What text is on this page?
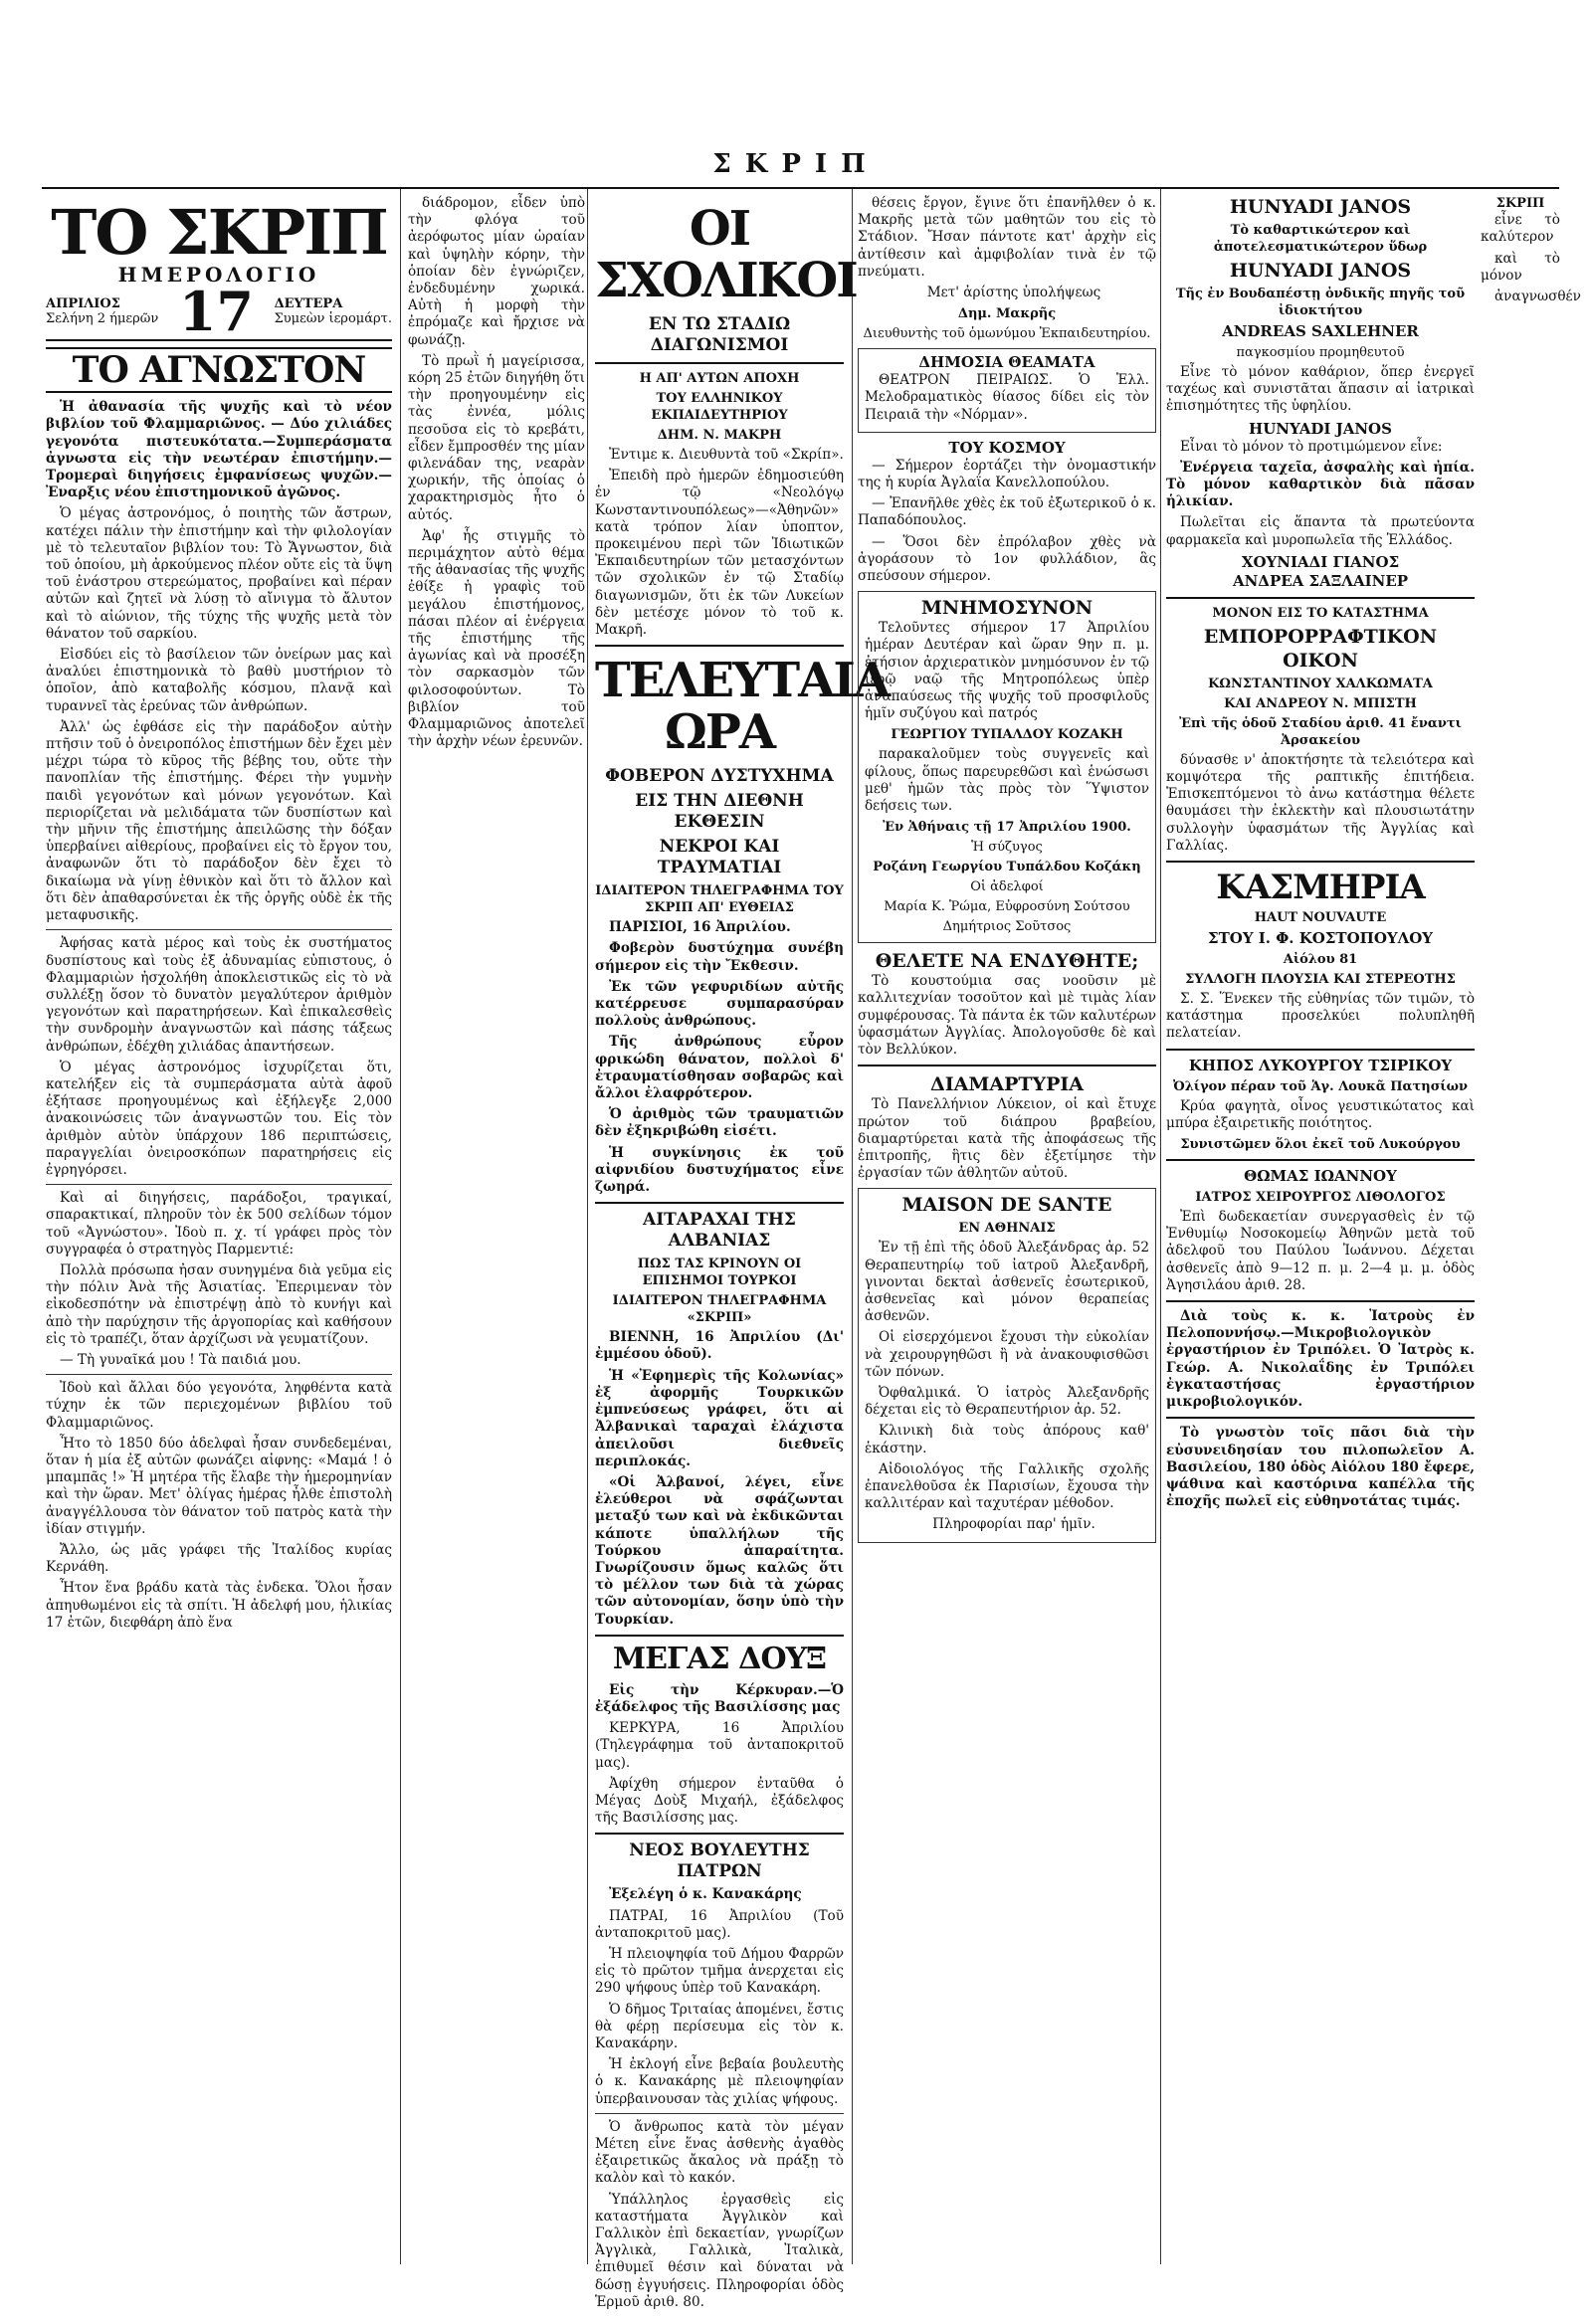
ΣΚΡΙΠ
ΤΟ ΣΚΡΙΠ
ΗΜΕΡΟΛΟΓΙΟ
ΑΠΡΙΛΙΟΣ
Σελήνη 2 ήμερῶν 17 ΔΕΥΤΕΡΑ
Συμεὼν ἱερομάρτ.
ΤΟ ΑΓΝΩΣΤΟΝ

Ἡ ἀθανασία τῆς ψυχῆς καὶ τὸ νέον βιβλίον τοῦ Φλαμμαριῶνος. — Δύο χιλιάδες γεγονότα πιστευκότατα.—Συμπεράσματα ἀγνωστα εἰς τὴν νεωτέραν ἐπιστήμην.—Τρομεραὶ διηγήσεις ἐμφανίσεως ψυχῶν.—Ἐναρξις νέου ἐπιστημονικοῦ ἀγῶνος.

Ὁ μέγας ἀστρονόμος, ὁ ποιητὴς τῶν ἄστρων, κατέχει πάλιν τὴν ἐπιστήμην καὶ τὴν φιλολογίαν μὲ τὸ τελευταῖον βιβλίον του: Τὸ Ἄγνωστον, διὰ τοῦ ὁποίου, μὴ ἀρκούμενος πλέον οὔτε εἰς τὰ ὕψη τοῦ ἐνάστρου στερεώματος, προβαίνει καὶ πέραν αὐτῶν καὶ ζητεῖ νὰ λύσῃ τὸ αἴνιγμα τὸ ἄλυτον καὶ τὸ αἰώνιον, τῆς τύχης τῆς ψυχῆς μετὰ τὸν θάνατον τοῦ σαρκίου.

Εἰσδύει εἰς τὸ βασίλειον τῶν ὀνείρων μας καὶ ἀναλύει ἐπιστημονικὰ τὸ βαθὺ μυστήριον τὸ ὁποῖον, ἀπὸ καταβολῆς κόσμου, πλανᾷ καὶ τυραννεῖ τὰς ἐρεύνας τῶν ἀνθρώπων.

Ἀλλ' ὡς ἐφθάσε εἰς τὴν παράδοξον αὐτὴν πτῆσιν τοῦ ὁ ὀνειροπόλος ἐπιστήμων δὲν ἔχει μὲν μέχρι τώρα τὸ κῦρος τῆς βέβης του, οὔτε τὴν πανοπλίαν τῆς ἐπιστήμης. Φέρει τὴν γυμνὴν παιδὶ γεγονότων καὶ μόνων γεγονότων. Καὶ περιορίζεται νὰ μελιδάματα τῶν δυσπίστων καὶ τὴν μῆνιν τῆς ἐπιστήμης ἀπειλῶσης τὴν δόξαν ὑπερβαίνει αἰθερίους, προβαίνει εἰς τὸ ἔργον του, ἀναφωνῶν ὅτι τὸ παράδοξον δὲν ἔχει τὸ δικαίωμα νὰ γίνῃ ἐθνικὸν καὶ ὅτι τὸ ἄλλον καὶ ὅτι δὲν ἀπαθαρσύνεται ἐκ τῆς ὀργῆς οὐδὲ ἐκ τῆς μεταφυσικῆς.

Ἀφήσας κατὰ μέρος καὶ τοὺς ἐκ συστήματος δυσπίστους καὶ τοὺς ἐξ ἀδυναμίας εὐπιστους, ὁ Φλαμμαριὼν ἠσχολήθη ἀποκλειστικῶς εἰς τὸ νὰ συλλέξῃ ὅσον τὸ δυνατὸν μεγαλύτερον ἀριθμὸν γεγονότων καὶ παρατηρήσεων. Καὶ ἐπικαλεσθεὶς τὴν συνδρομὴν ἀναγνωστῶν καὶ πάσης τάξεως ἀνθρώπων, ἐδέχθη χιλιάδας ἀπαντήσεων.

Ὁ μέγας ἀστρονόμος ἰσχυρίζεται ὅτι, κατελήξεν εἰς τὰ συμπεράσματα αὐτὰ ἀφοῦ ἐξήτασε προηγουμένως καὶ ἐξήλεγξε 2,000 ἀνακοινώσεις τῶν ἀναγνωστῶν του. Εἰς τὸν ἀριθμὸν αὐτὸν ὑπάρχουν 186 περιπτώσεις, παραγγελίαι ὀνειροσκόπων παρατηρήσεις εἰς ἐγρηγόρσει.

Καὶ αἱ διηγήσεις, παράδοξοι, τραγικαί, σπαρακτικαί, πληροῦν τὸν ἐκ 500 σελίδων τόμον τοῦ «Ἀγνώστου». Ἰδοὺ π. χ. τί γράφει πρὸς τὸν συγγραφέα ὁ στρατηγὸς Παρμεντιέ:

Πολλὰ πρόσωπα ἠσαν συνηγμένα διὰ γεῦμα εἰς τὴν πόλιν Ἀνὰ τῆς Ἀσιατίας. Ἐπεριμεναν τὸν εἰκοδεσπότην νὰ ἐπιστρέψῃ ἀπὸ τὸ κυνήγι καὶ ἀπὸ τὴν παρύχησιν τῆς ἀργοπορίας καὶ καθήσουν εἰς τὸ τραπέζι, ὅταν ἀρχίζωσι νὰ γευματίζουν.

— Τὴ γυναῖκά μου ! Τὰ παιδιά μου.

Ἰδοὺ καὶ ἄλλαι δύο γεγονότα, ληφθέντα κατὰ τύχην ἐκ τῶν περιεχομένων βιβλίου τοῦ Φλαμμαριῶνος.

Ἦτο τὸ 1850 δύο ἀδελφαὶ ἦσαν συνδεδεμέναι, ὅταν ἡ μία ἐξ αὐτῶν φωνάζει αἰφνης: «Μαμά ! ὁ μπαμπᾶς !» Ἡ μητέρα τῆς ἔλαβε τὴν ἡμερομηνίαν καὶ τὴν ὥραν. Μετ' ὀλίγας ἡμέρας ἦλθε ἐπιστολὴ ἀναγγέλλουσα τὸν θάνατον τοῦ πατρὸς κατὰ τὴν ἰδίαν στιγμήν.

Ἄλλο, ὡς μᾶς γράφει τῆς Ἰταλίδος κυρίας Κερνάθη.

Ἦτον ἕνα βράδυ κατὰ τὰς ἑνδεκα. Ὅλοι ἦσαν ἀπηυθωμένοι εἰς τὰ σπίτι. Ἡ ἀδελφή μου, ἡλικίας 17 ἐτῶν, διεφθάρη ἀπὸ ἕνα

διάδρομον, εἶδεν ὑπὸ τὴν φλόγα τοῦ ἀερόφωτος μίαν ὡραίαν καὶ ὑψηλὴν κόρην, τὴν ὁποίαν δὲν ἐγνώριζεν, ἐνδεδυμένην χωρικά. Αὐτὴ ἡ μορφὴ τὴν ἐπρόμαζε καὶ ἤρχισε νὰ φωνάζῃ.

Τὸ πρωῒ ἡ μαγείρισσα, κόρη 25 ἐτῶν διηγήθη ὅτι τὴν προηγουμένην εἰς τὰς ἐννέα, μόλις πεσοῦσα εἰς τὸ κρεβάτι, εἶδεν ἔμπροσθέν της μίαν φιλενάδαν της, νεαρὰν χωρικήν, τῆς ὁποίας ὁ χαρακτηρισμὸς ἦτο ὁ αὐτός.

Ἀφ' ἧς στιγμῆς τὸ περιμάχητον αὐτὸ θέμα τῆς ἀθανασίας τῆς ψυχῆς ἐθίξε ἡ γραφὶς τοῦ μεγάλου ἐπιστήμονος, πάσαι πλέον αἱ ἐνέργεια τῆς ἐπιστήμης τῆς ἀγωνίας καὶ νὰ προσέξη τὸν σαρκασμὸν τῶν φιλοσοφούντων. Τὸ βιβλίον τοῦ Φλαμμαριῶνος ἀποτελεῖ τὴν ἀρχὴν νέων ἐρευνῶν.

ΟΙ ΣΧΟΛΙΚΟΙ
ΕΝ ΤΩ ΣΤΑΔΙΩ ΔΙΑΓΩΝΙΣΜΟΙ
Η ΑΠ' ΑΥΤΩΝ ΑΠΟΧΗ
ΤΟΥ ΕΛΛΗΝΙΚΟΥ ΕΚΠΑΙΔΕΥΤΗΡΙΟΥ
ΔΗΜ. Ν. ΜΑΚΡΗ

Ἐντιμε κ. Διευθυντὰ τοῦ «Σκρίπ».

Ἐπειδὴ πρὸ ἡμερῶν ἐδημοσιεύθη ἐν τῷ «Νεολόγῳ Κωνσταντινουπόλεως»—«Ἀθηνῶν» κατὰ τρόπον λίαν ὑποπτον, προκειμένου περὶ τῶν Ἰδιωτικῶν Ἐκπαιδευτηρίων τῶν μετασχόντων τῶν σχολικῶν ἐν τῷ Σταδίῳ διαγωνισμῶν, ὅτι ἐκ τῶν Λυκείων δὲν μετέσχε μόνον τὸ τοῦ κ. Μακρῆ.

ΤΕΛΕΥΤΑΙΑ ΩΡΑ
ΦΟΒΕΡΟΝ ΔΥΣΤΥΧΗΜΑ
ΕΙΣ ΤΗΝ ΔΙΕΘΝΗ ΕΚΘΕΣΙΝ
ΝΕΚΡΟΙ ΚΑΙ ΤΡΑΥΜΑΤΙΑΙ
ΙΔΙΑΙΤΕΡΟΝ ΤΗΛΕΓΡΑΦΗΜΑ ΤΟΥ ΣΚΡΙΠ ΑΠ' ΕΥΘΕΙΑΣ

ΠΑΡΙΣΙΟΙ, 16 Ἀπριλίου.

Φοβερὸν δυστύχημα συνέβη σήμερον εἰς τὴν Ἔκθεσιν.

Ἐκ τῶν γεφυριδίων αὐτῆς κατέρρευσε συμπαρασύραν πολλοὺς ἀνθρώπους.

Τῆς ἀνθρώπους εὗρον φρικώδη θάνατον, πολλοὶ δ' ἐτραυματίσθησαν σοβαρῶς καὶ ἄλλοι ἐλαφρότερον.

Ὁ ἀριθμὸς τῶν τραυματιῶν δὲν ἐξηκριβώθη εἰσέτι.

Ἡ συγκίνησις ἐκ τοῦ αἰφνιδίου δυστυχήματος εἶνε ζωηρά.

ΑΙΤΑΡΑΧΑΙ ΤΗΣ ΑΛΒΑΝΙΑΣ
ΠΩΣ ΤΑΣ ΚΡΙΝΟΥΝ ΟΙ ΕΠΙΣΗΜΟΙ ΤΟΥΡΚΟΙ
ΙΔΙΑΙΤΕΡΟΝ ΤΗΛΕΓΡΑΦΗΜΑ «ΣΚΡΙΠ»

ΒΙΕΝΝΗ, 16 Ἀπριλίου (Δι' ἐμμέσου ὁδοῦ).

Ἡ «Ἐφημερὶς τῆς Κολωνίας» ἐξ ἀφορμῆς Τουρκικῶν ἐμπνεύσεως γράφει, ὅτι αἱ Ἀλβανικαὶ ταραχαὶ ἐλάχιστα ἀπειλοῦσι διεθνεῖς περιπλοκάς.

«Οἱ Ἀλβανοί, λέγει, εἶνε ἐλεύθεροι νὰ σφάζωνται μεταξύ των καὶ νὰ ἐκδικῶνται κάποτε ὑπαλλήλων τῆς Τούρκου ἀπαραίτητα. Γνωρίζουσιν ὅμως καλῶς ὅτι τὸ μέλλον των διὰ τὰ χώρας τῶν αὐτονομίαν, ὅσην ὑπὸ τὴν Τουρκίαν.

ΜΕΓΑΣ ΔΟΥΞ

Εἰς τὴν Κέρκυραν.—Ὁ ἐξάδελφος τῆς Βασιλίσσης μας

ΚΕΡΚΥΡΑ, 16 Ἀπριλίου (Τηλεγράφημα τοῦ ἀνταποκριτοῦ μας).

Ἀφίχθη σήμερον ἐνταῦθα ὁ Μέγας Δοὺξ Μιχαήλ, ἐξάδελφος τῆς Βασιλίσσης μας.

ΝΕΟΣ ΒΟΥΛΕΥΤΗΣ ΠΑΤΡΩΝ

Ἐξελέγη ὁ κ. Κανακάρης

ΠΑΤΡΑΙ, 16 Ἀπριλίου (Τοῦ ἀνταποκριτοῦ μας).

Ἡ πλειοψηφία τοῦ Δήμου Φαρρῶν εἰς τὸ πρῶτον τμῆμα ἀνερχεται εἰς 290 ψήφους ὑπὲρ τοῦ Κανακάρη.

Ὁ δῆμος Τριταίας ἀπομένει, ἔστις θὰ φέρῃ περίσευμα εἰς τὸν κ. Κανακάρην.

Ἡ ἐκλογή εἶνε βεβαία βουλευτὴς ὁ κ. Κανακάρης μὲ πλειοψηφίαν ὑπερβαινουσαν τὰς χιλίας ψήφους.

Ὁ ἄνθρωπος κατὰ τὸν μέγαν Μέτεη εἶνε ἕνας ἀσθενὴς ἀγαθὸς ἐξαιρετικῶς ἄκαλος νὰ πράξῃ τὸ καλὸν καὶ τὸ κακόν.

Ὑπάλληλος ἐργασθεὶς εἰς καταστήματα Ἀγγλικὸν καὶ Γαλλικὸν ἐπὶ δεκαετίαν, γνωρίζων Ἀγγλικὰ, Γαλλικὰ, Ἰταλικὰ, ἐπιθυμεῖ θέσιν καὶ δύναται νὰ δώσῃ ἐγγυήσεις. Πληροφορίαι ὁδὸς Ἑρμοῦ ἀριθ. 80.

θέσεις ἔργον, ἔγινε ὅτι ἐπανῆλθεν ὁ κ. Μακρῆς μετὰ τῶν μαθητῶν του εἰς τὸ Στάδιον. Ἤσαν πάντοτε κατ' ἀρχὴν εἰς ἀντίθεσιν καὶ ἀμφιβολίαν τινὰ ἐν τῷ πνεύματι.

Μετ' ἀρίστης ὑπολήψεως

Δημ. Μακρῆς
Διευθυντὴς τοῦ ὁμωνύμου Ἐκπαιδευτηρίου.
ΔΗΜΟΣΙΑ ΘΕΑΜΑΤΑ

ΘΕΑΤΡΟΝ ΠΕΙΡΑΙΩΣ. Ὁ Ἑλλ. Μελοδραματικὸς θίασος δίδει εἰς τὸν Πειραιᾶ τὴν «Νόρμαν».

ΤΟΥ ΚΟΣΜΟΥ

— Σήμερον ἑορτάζει τὴν ὀνομαστικήν της ἡ κυρία Ἀγλαΐα Κανελλοπούλου.

— Ἐπανῆλθε χθὲς ἐκ τοῦ ἐξωτερικοῦ ὁ κ. Παπαδόπουλος.

— Ὅσοι δὲν ἐπρόλαβον χθὲς νὰ ἀγοράσουν τὸ 1ον φυλλάδιον, ἃς σπεύσουν σήμερον.

ΜΝΗΜΟΣΥΝΟΝ

Τελοῦντες σήμερον 17 Ἀπριλίου ἡμέραν Δευτέραν καὶ ὥραν 9ην π. μ. ἐτήσιον ἀρχιερατικὸν μνημόσυνον ἐν τῷ ἱερῷ ναῷ τῆς Μητροπόλεως ὑπὲρ ἀναπαύσεως τῆς ψυχῆς τοῦ προσφιλοῦς ἡμῖν συζύγου καὶ πατρός

ΓΕΩΡΓΙΟΥ ΤΥΠΑΛΔΟΥ ΚΟΖΑΚΗ

παρακαλοῦμεν τοὺς συγγενεῖς καὶ φίλους, ὅπως παρευρεθῶσι καὶ ἑνώσωσι μεθ' ἡμῶν τὰς πρὸς τὸν Ὕψιστον δεήσεις των.

Ἐν Ἀθήναις τῇ 17 Ἀπριλίου 1900.
Ἡ σύζυγος
Ροζάνη Γεωργίου Τυπάλδου Κοζάκη
Οἱ ἀδελφοί
Μαρία Κ. Ῥώμα, Εὐφροσύνη Σούτσου
Δημήτριος Σοῦτσος
ΘΕΛΕΤΕ ΝΑ ΕΝΔΥΘΗΤΕ;

Τὸ κουστούμια σας νοοῦσιν μὲ καλλιτεχνίαν τοσοῦτον καὶ μὲ τιμὰς λίαν συμφέρουσας. Τὰ πάντα ἐκ τῶν καλυτέρων ὑφασμάτων Ἀγγλίας. Ἀπολογοῦσθε δὲ καὶ τὸν Βελλύκον.

ΔΙΑΜΑΡΤΥΡΙΑ

Τὸ Πανελλήνιον Λύκειον, οἱ καὶ ἔτυχε πρώτον τοῦ διάπρου βραβείου, διαμαρτύρεται κατὰ τῆς ἀποφάσεως τῆς ἐπιτροπῆς, ἣτις δὲν ἐξετίμησε τὴν ἐργασίαν τῶν ἀθλητῶν αὐτοῦ.

MAISON DE SANTE
ΕΝ ΑΘΗΝΑΙΣ

Ἐν τῇ ἐπὶ τῆς ὁδοῦ Ἀλεξάνδρας ἀρ. 52 Θεραπευτηρίῳ τοῦ ἰατροῦ Ἀλεξανδρῆ, γινονται δεκταὶ ἀσθενεῖς ἐσωτερικοῦ, ἀσθενεῖας καὶ μόνον θεραπείας ἀσθενῶν.

Οἱ εἰσερχόμενοι ἔχουσι τὴν εὐκολίαν νὰ χειρουργηθῶσι ἢ νὰ ἀνακουφισθῶσι τῶν πόνων.

Ὀφθαλμικά. Ὁ ἰατρὸς Ἀλεξανδρῆς δέχεται εἰς τὸ Θεραπευτήριον ἀρ. 52.

Κλινικὴ διὰ τοὺς ἀπόρους καθ' ἑκάστην.

Αἰδοιολόγος τῆς Γαλλικῆς σχολῆς ἐπανελθοῦσα ἐκ Παρισίων, ἔχουσα τὴν καλλιτέραν καὶ ταχυτέραν μέθοδον.

Πληροφορίαι παρ' ἡμῖν.

HUNYADI JANOS
Τὸ καθαρτικώτερον καὶ ἀποτελεσματικώτερον ὕδωρ
HUNYADI JANOS
Τῆς ἐν Βουδαπέστῃ ὀνδικῆς πηγῆς τοῦ ἰδιοκτήτου
ANDREAS SAXLEHNER
παγκοσμίου προμηθευτοῦ

Εἶνε τὸ μόνον καθάριον, ὅπερ ἐνεργεῖ ταχέως καὶ συνιστᾶται ἅπασιν αἱ ἰατρικαὶ ἐπισημότητες τῆς ὑφηλίου.

HUNYADI JANOS

Εἶναι τὸ μόνον τὸ προτιμώμενον εἶνε:

Ἐνέργεια ταχεῖα, ἀσφαλὴς καὶ ἠπία. Τὸ μόνον καθαρτικὸν διὰ πᾶσαν ἡλικίαν.

Πωλεῖται εἰς ἅπαντα τὰ πρωτεύοντα φαρμακεῖα καὶ μυροπωλεῖα τῆς Ἑλλάδος.

ΧΟΥΝΙΑΔΙ ΓΙΑΝΟΣ
ΑΝΔΡΕΑ ΣΑΞΛΑΙΝΕΡ
ΜΟΝΟΝ ΕΙΣ ΤΟ ΚΑΤΑΣΤΗΜΑ
ΕΜΠΟΡΟΡΡΑΦΤΙΚΟΝ ΟΙΚΟΝ
ΚΩΝΣΤΑΝΤΙΝΟΥ ΧΑΛΚΩΜΑΤΑ
ΚΑΙ ΑΝΔΡΕΟΥ Ν. ΜΠΙΣΤΗ
Ἐπὶ τῆς ὁδοῦ Σταδίου ἀριθ. 41 ἔναντι Ἀρσακείου

δύνασθε ν' ἀποκτήσητε τὰ τελειότερα καὶ κομψότερα τῆς ραπτικῆς ἐπιτήδεια. Ἐπισκεπτόμενοι τὸ ἀνω κατάστημα θέλετε θαυμάσει τὴν ἐκλεκτὴν καὶ πλουσιωτάτην συλλογὴν ὑφασμάτων τῆς Ἀγγλίας καὶ Γαλλίας.

ΚΑΣΜΗΡΙΑ
HAUT NOUVAUTE
ΣΤΟΥ Ι. Φ. ΚΟΣΤΟΠΟΥΛΟΥ
Αἰόλου 81
ΣΥΛΛΟΓΗ ΠΛΟΥΣΙΑ ΚΑΙ ΣΤΕΡΕΟΤΗΣ

Σ. Σ. Ἕνεκεν τῆς εὐθηνίας τῶν τιμῶν, τὸ κατάστημα προσελκύει πολυπληθῆ πελατείαν.

ΚΗΠΟΣ ΛΥΚΟΥΡΓΟΥ ΤΣΙΡΙΚΟΥ
Ὀλίγον πέραν τοῦ Ἁγ. Λουκᾶ Πατησίων

Κρύα φαγητὰ, οἶνος γευστικώτατος καὶ μπύρα ἐξαιρετικῆς ποιότητος.

Συνιστῶμεν ὅλοι ἐκεῖ τοῦ Λυκούργου
ΘΩΜΑΣ ΙΩΑΝΝΟΥ
ΙΑΤΡΟΣ ΧΕΙΡΟΥΡΓΟΣ ΛΙΘΟΛΟΓΟΣ

Ἐπὶ δωδεκαετίαν συνεργασθεὶς ἐν τῷ Ἐνθυμίῳ Νοσοκομείῳ Ἀθηνῶν μετὰ τοῦ ἀδελφοῦ του Παύλου Ἰωάννου. Δέχεται ἀσθενεῖς ἀπὸ 9—12 π. μ. 2—4 μ. μ. ὁδὸς Ἀγησιλάου ἀριθ. 28.

Διὰ τοὺς κ. κ. Ἰατροὺς ἐν Πελοποννήσῳ.—Μικροβιολογικὸν ἐργαστήριον ἐν Τριπόλει. Ὁ Ἰατρὸς κ. Γεώρ. Α. Νικολαΐδης ἐν Τριπόλει ἐγκαταστήσας ἐργαστήριον μικροβιολογικόν.

Τὸ γνωστὸν τοῖς πᾶσι διὰ τὴν εὐσυνειδησίαν του πιλοπωλεῖον Α. Βασιλείου, 180 ὁδὸς Αἰόλου 180 ἔφερε, ψάθινα καὶ καστόρινα καπέλλα τῆς ἐποχῆς πωλεῖ εἰς εὐθηνοτάτας τιμάς.

ΣΚΡΙΠ

εἶνε τὸ καλύτερον

καὶ τὸ μόνον

ἀναγνωσθέν
